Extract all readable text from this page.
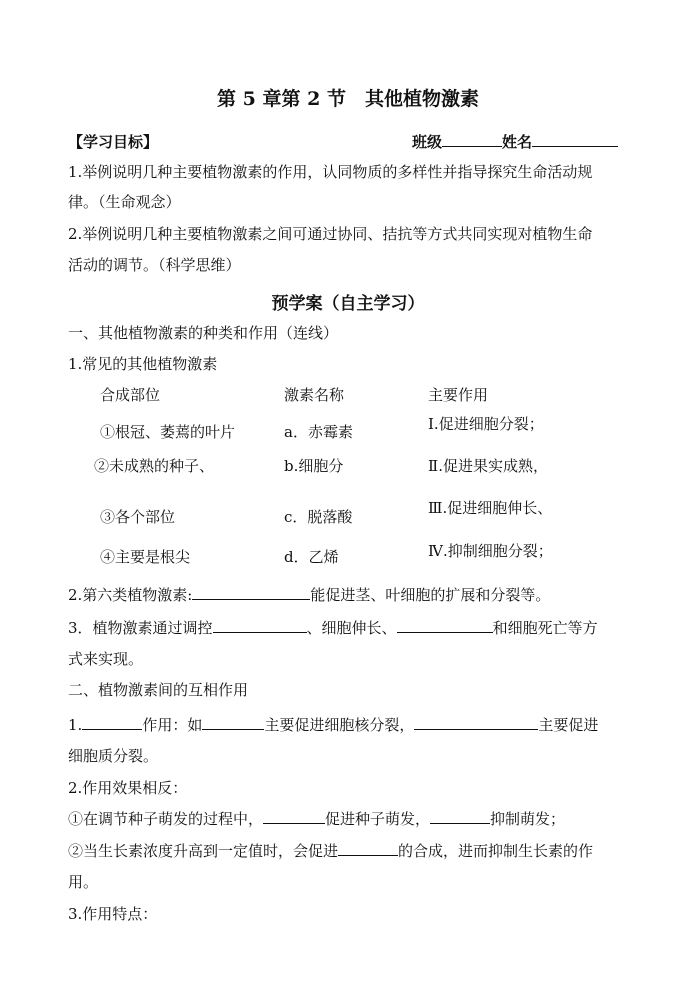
第 5 章第 2 节　其他植物激素
【学习目标】	班级	姓名
1.举例说明几种主要植物激素的作用，认同物质的多样性并指导探究生命活动规
律。（生命观念）
2.举例说明几种主要植物激素之间可通过协同、拮抗等方式共同实现对植物生命
活动的调节。（科学思维）
预学案（自主学习）
一、其他植物激素的种类和作用（连线）
1.常见的其他植物激素
合成部位	激素名称	主要作用
①根冠、萎蔫的叶片	a．赤霉素	Ⅰ.促进细胞分裂；
②未成熟的种子、	b.细胞分	Ⅱ.促进果实成熟，
③各个部位	c．脱落酸	Ⅲ.促进细胞伸长、
④主要是根尖	d．乙烯	Ⅳ.抑制细胞分裂；
2.第六类植物激素:	能促进茎、叶细胞的扩展和分裂等。
3．植物激素通过调控	、细胞伸长、	和细胞死亡等方
式来实现。
二、植物激素间的互相作用
1.	作用：如	主要促进细胞核分裂，	主要促进
细胞质分裂。
2.作用效果相反：
①在调节种子萌发的过程中，	促进种子萌发，	抑制萌发；
②当生长素浓度升高到一定值时，会促进	的合成，进而抑制生长素的作
用。
3.作用特点：
